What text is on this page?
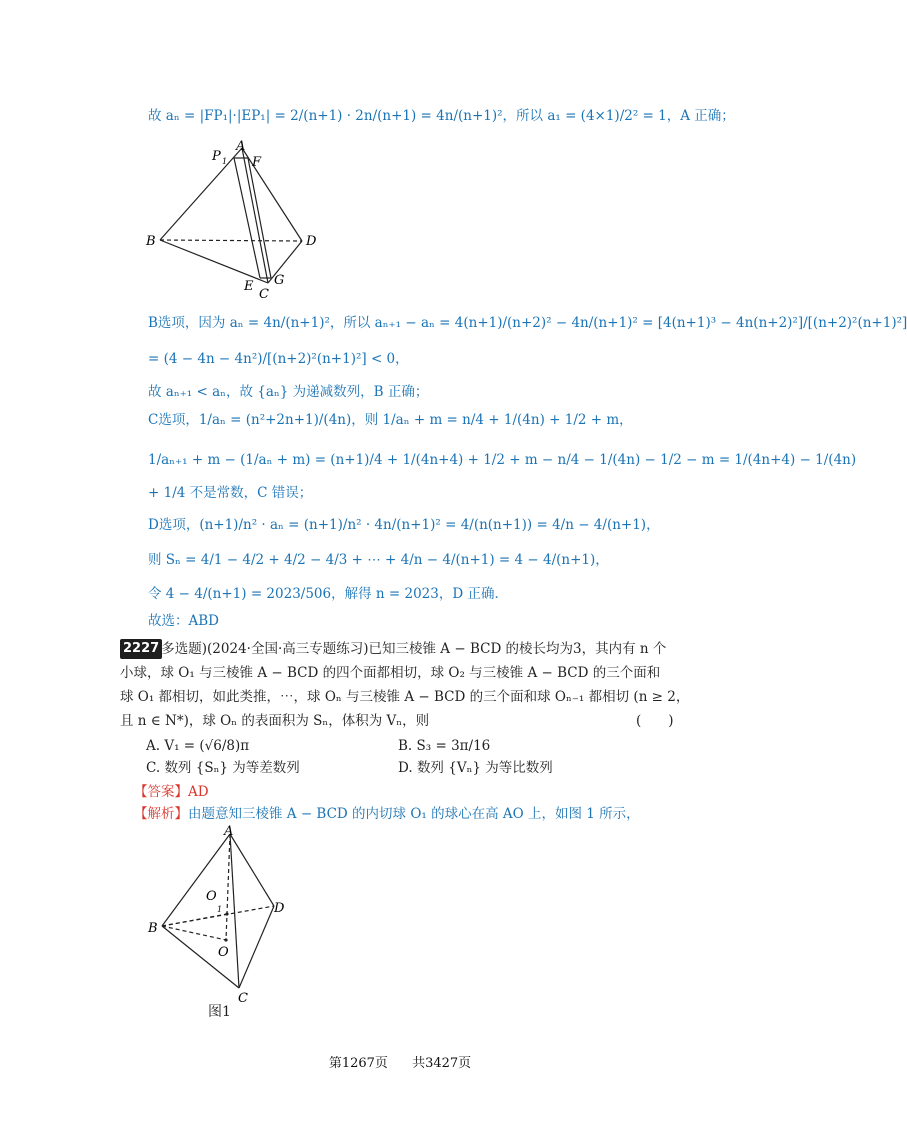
故 aₙ = |FP₁|·|EP₁| = 2/(n+1) · 2n/(n+1) = 4n/(n+1)²，所以 a₁ = (4×1)/2² = 1，A 正确；
A
P 1 F
B	D
E G
C
B选项，因为 aₙ = 4n/(n+1)²，所以 aₙ₊₁ − aₙ = 4(n+1)/(n+2)² − 4n/(n+1)² = [4(n+1)³ − 4n(n+2)²]/[(n+2)²(n+1)²]
= (4 − 4n − 4n²)/[(n+2)²(n+1)²] < 0，
故 aₙ₊₁ < aₙ，故 {aₙ} 为递减数列，B 正确；
C选项，1/aₙ = (n²+2n+1)/(4n)，则 1/aₙ + m = n/4 + 1/(4n) + 1/2 + m，
1/aₙ₊₁ + m − (1/aₙ + m) = (n+1)/4 + 1/(4n+4) + 1/2 + m − n/4 − 1/(4n) − 1/2 − m = 1/(4n+4) − 1/(4n)
+ 1/4 不是常数，C 错误；
D选项，(n+1)/n² · aₙ = (n+1)/n² · 4n/(n+1)² = 4/(n(n+1)) = 4/n − 4/(n+1)，
则 Sₙ = 4/1 − 4/2 + 4/2 − 4/3 + ⋯ + 4/n − 4/(n+1) = 4 − 4/(n+1)，
令 4 − 4/(n+1) = 2023/506，解得 n = 2023，D 正确．
故选：ABD
2227
(多选题)(2024·全国·高三专题练习)已知三棱锥 A − BCD 的棱长均为3，其内有 n 个
小球，球 O₁ 与三棱锥 A − BCD 的四个面都相切，球 O₂ 与三棱锥 A − BCD 的三个面和
球 O₁ 都相切，如此类推，⋯，球 Oₙ 与三棱锥 A − BCD 的三个面和球 Oₙ₋₁ 都相切 (n ≥ 2，
且 n ∈ N*)，球 Oₙ 的表面积为 Sₙ，体积为 Vₙ，则	(　　)
A. V₁ = (√6/8)π	B. S₃ = 3π/16
C. 数列 {Sₙ} 为等差数列	D. 数列 {Vₙ} 为等比数列
【答案】AD
【解析】由题意知三棱锥 A − BCD 的内切球 O₁ 的球心在高 AO 上，如图 1 所示，
A
O
1
B
D
O
C
图1
第1267页 共3427页
